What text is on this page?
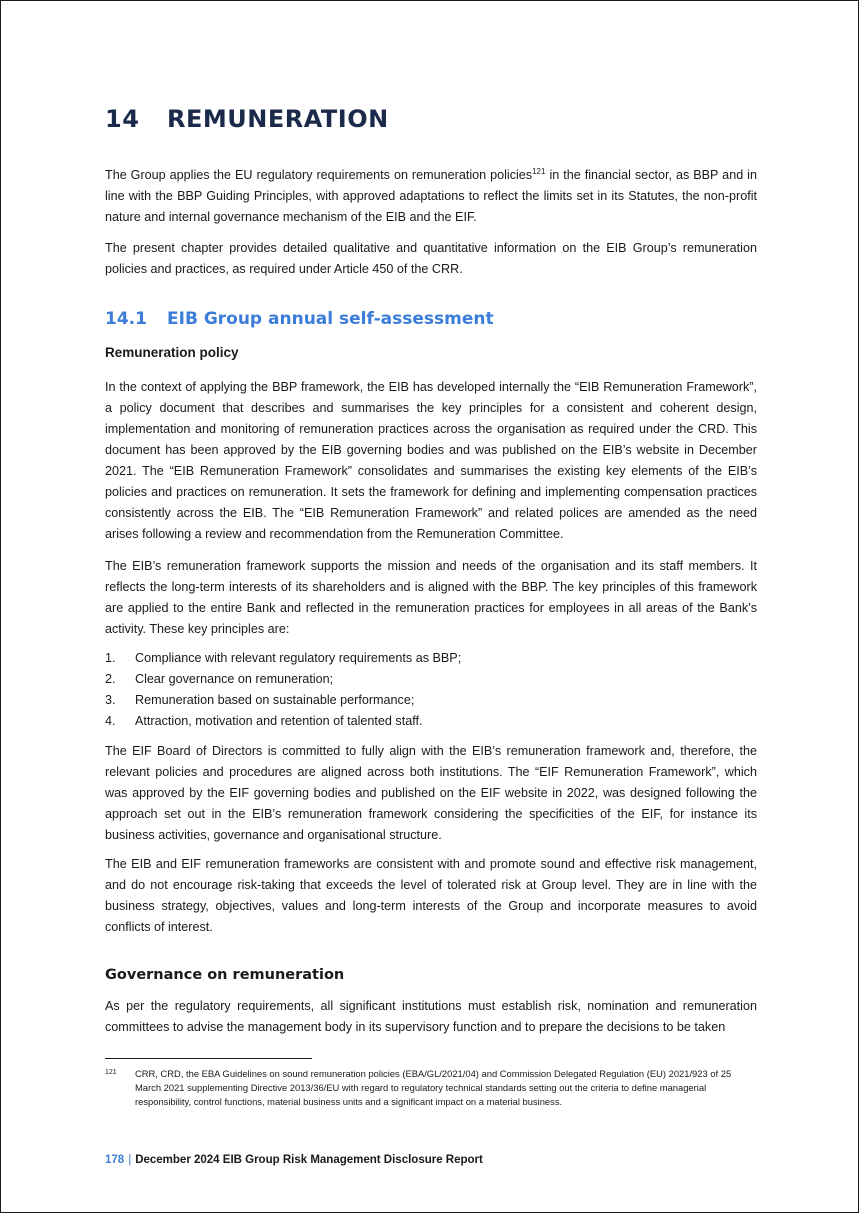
14 REMUNERATION

The Group applies the EU regulatory requirements on remuneration policies$^{121}$ in the financial sector, as BBP and in line with the BBP Guiding Principles, with approved adaptations to reflect the limits set in its Statutes, the non-profit nature and internal governance mechanism of the EIB and the EIF.

The present chapter provides detailed qualitative and quantitative information on the EIB Group’s remuneration policies and practices, as required under Article 450 of the CRR.

14.1 EIB Group annual self-assessment
Remuneration policy

In the context of applying the BBP framework, the EIB has developed internally the “EIB Remuneration Framework”, a policy document that describes and summarises the key principles for a consistent and coherent design, implementation and monitoring of remuneration practices across the organisation as required under the CRD. This document has been approved by the EIB governing bodies and was published on the EIB’s website in December 2021. The “EIB Remuneration Framework” consolidates and summarises the existing key elements of the EIB’s policies and practices on remuneration. It sets the framework for defining and implementing compensation practices consistently across the EIB. The “EIB Remuneration Framework” and related polices are amended as the need arises following a review and recommendation from the Remuneration Committee.

The EIB’s remuneration framework supports the mission and needs of the organisation and its staff members. It reflects the long-term interests of its shareholders and is aligned with the BBP. The key principles of this framework are applied to the entire Bank and reflected in the remuneration practices for employees in all areas of the Bank’s activity. These key principles are:

1.	Compliance with relevant regulatory requirements as BBP;
2.	Clear governance on remuneration;
3.	Remuneration based on sustainable performance;
4.	Attraction, motivation and retention of talented staff.

The EIF Board of Directors is committed to fully align with the EIB’s remuneration framework and, therefore, the relevant policies and procedures are aligned across both institutions. The “EIF Remuneration Framework”, which was approved by the EIF governing bodies and published on the EIF website in 2022, was designed following the approach set out in the EIB’s remuneration framework considering the specificities of the EIF, for instance its business activities, governance and organisational structure.

The EIB and EIF remuneration frameworks are consistent with and promote sound and effective risk management, and do not encourage risk-taking that exceeds the level of tolerated risk at Group level. They are in line with the business strategy, objectives, values and long-term interests of the Group and incorporate measures to avoid conflicts of interest.

Governance on remuneration

As per the regulatory requirements, all significant institutions must establish risk, nomination and remuneration committees to advise the management body in its supervisory function and to prepare the decisions to be taken

121	CRR, CRD, the EBA Guidelines on sound remuneration policies (EBA/GL/2021/04) and Commission Delegated Regulation (EU) 2021/923 of 25 March 2021 supplementing Directive 2013/36/EU with regard to regulatory technical standards setting out the criteria to define managerial responsibility, control functions, material business units and a significant impact on a material business.
178 | December 2024 EIB Group Risk Management Disclosure Report
